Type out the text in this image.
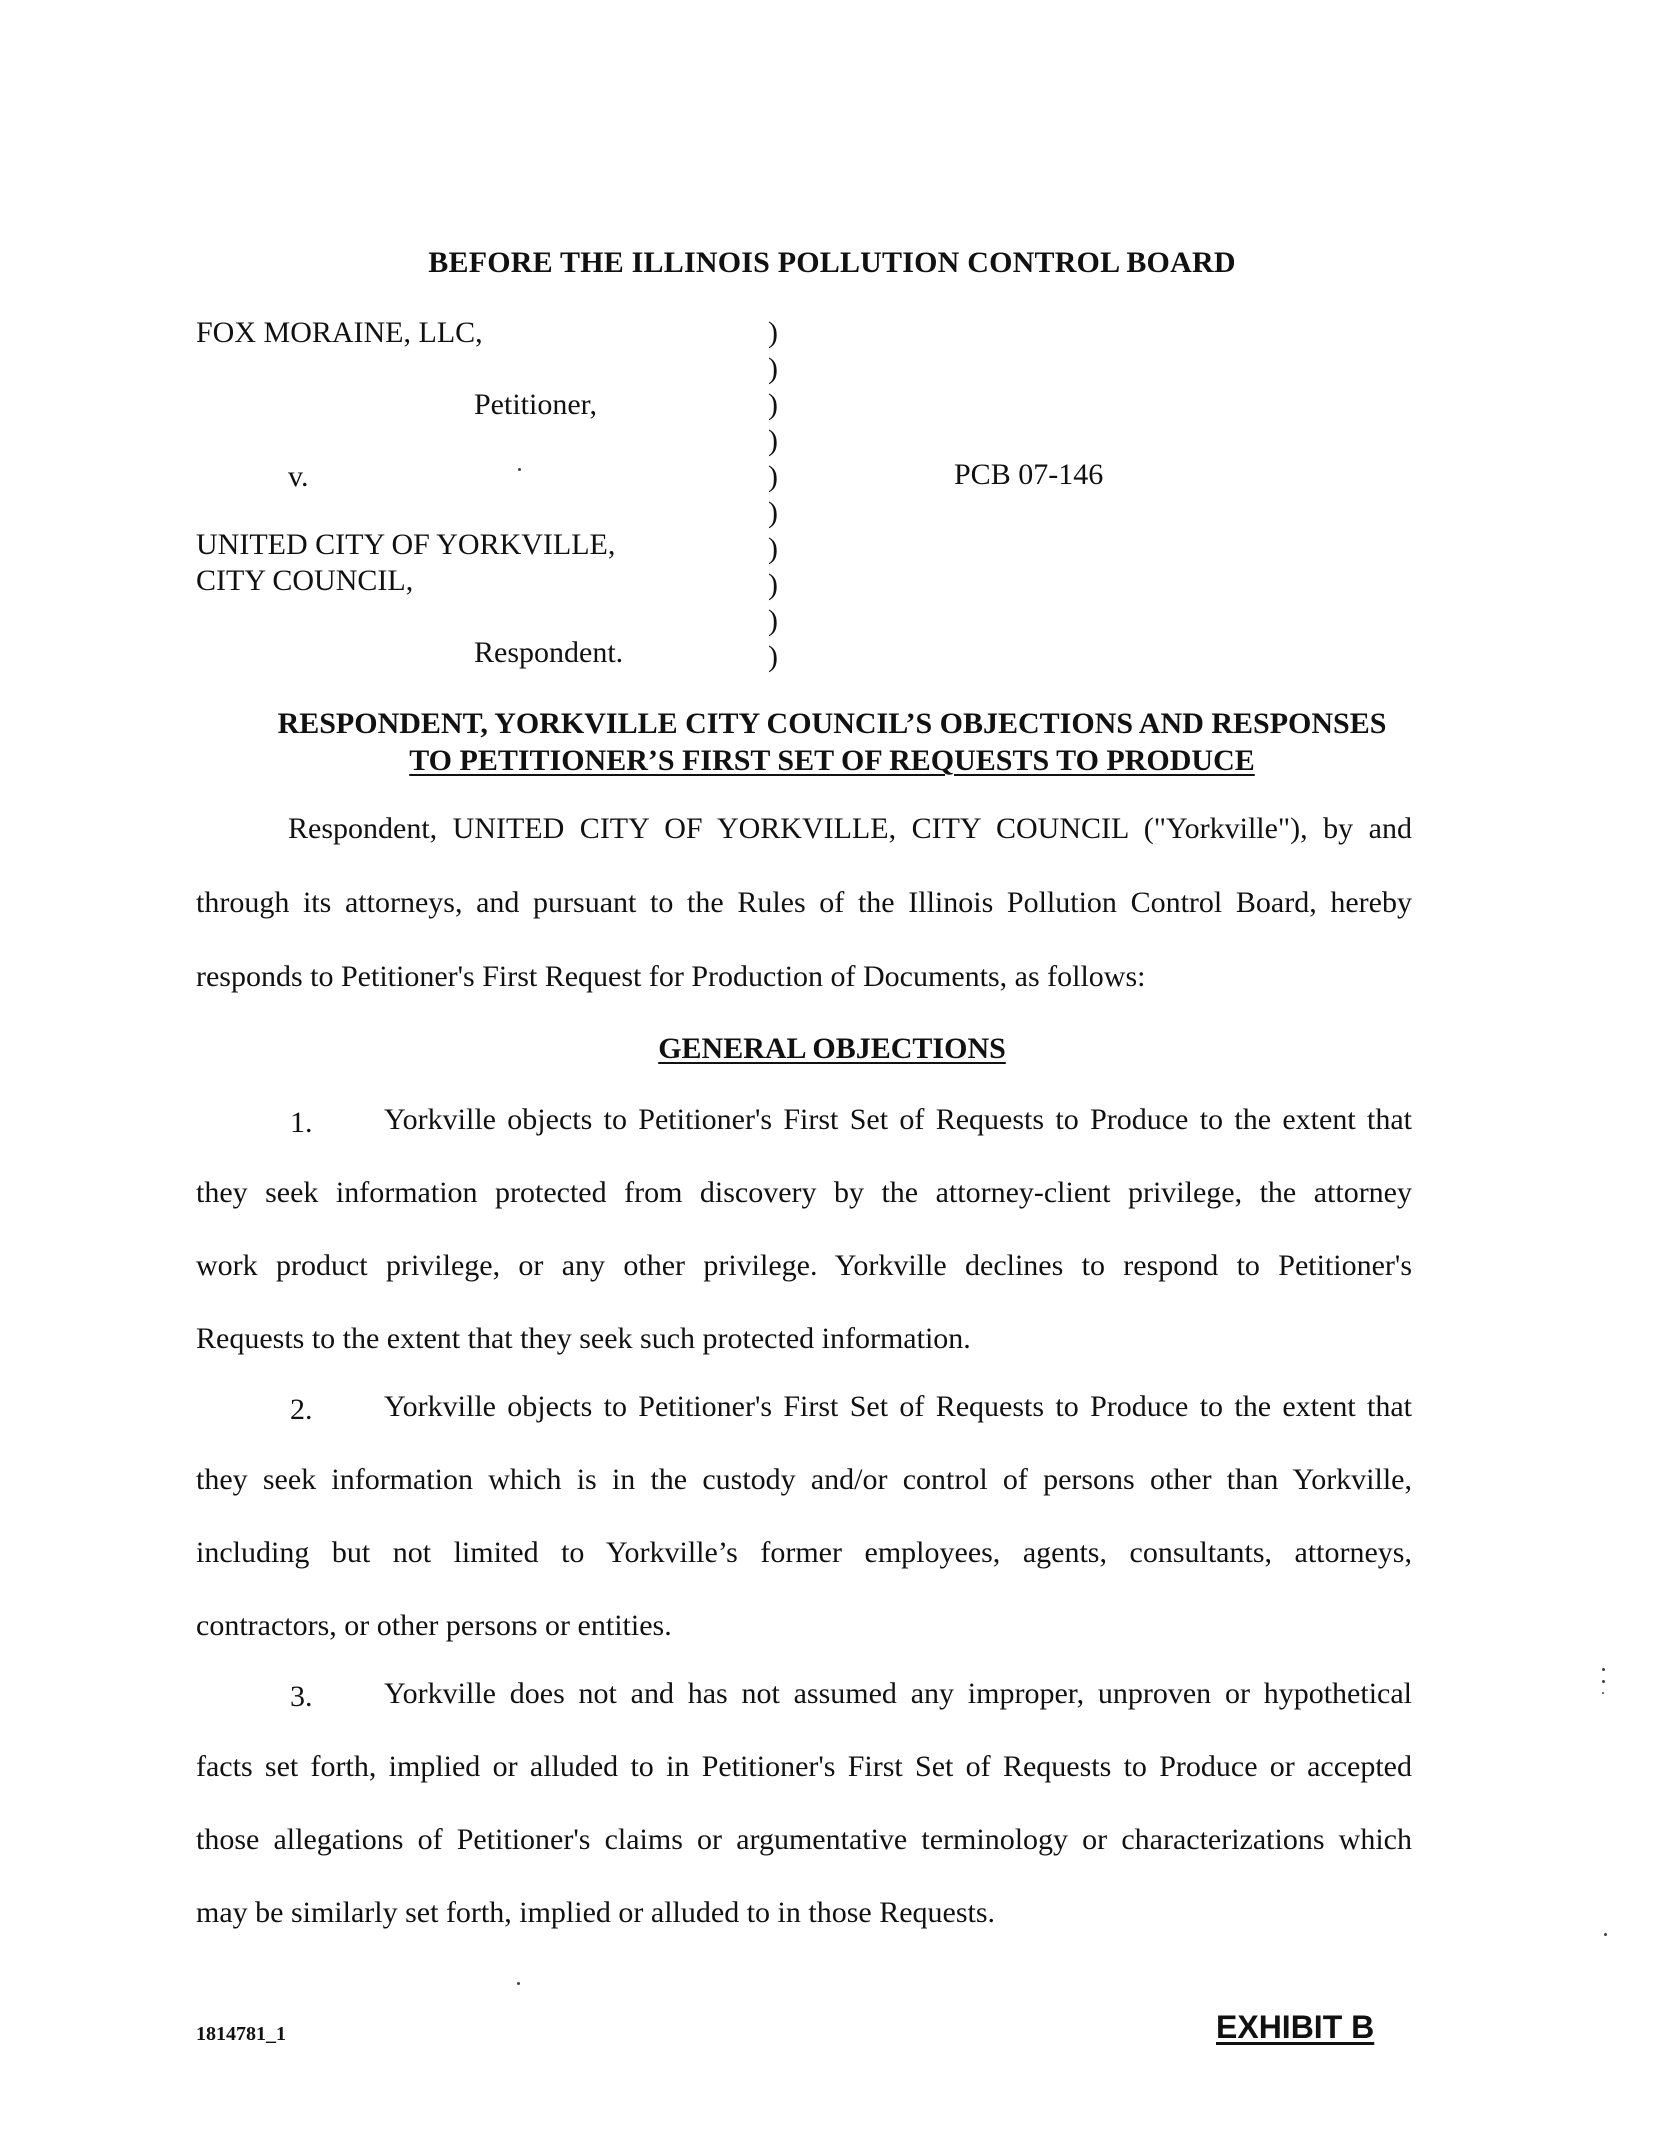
BEFORE THE ILLINOIS POLLUTION CONTROL BOARD
FOX MORAINE, LLC,
Petitioner,
v.
UNITED CITY OF YORKVILLE,
CITY COUNCIL,
Respondent.
)
)
)
)
)
)
)
)
)
)
PCB 07-146
RESPONDENT, YORKVILLE CITY COUNCIL’S OBJECTIONS AND RESPONSES
TO PETITIONER’S FIRST SET OF REQUESTS TO PRODUCE
Respondent, UNITED CITY OF YORKVILLE, CITY COUNCIL ("Yorkville"), by and
through its attorneys, and pursuant to the Rules of the Illinois Pollution Control Board, hereby
responds to Petitioner's First Request for Production of Documents, as follows:
GENERAL OBJECTIONS
1. Yorkville objects to Petitioner's First Set of Requests to Produce to the extent that
they seek information protected from discovery by the attorney-client privilege, the attorney
work product privilege, or any other privilege. Yorkville declines to respond to Petitioner's
Requests to the extent that they seek such protected information.
2. Yorkville objects to Petitioner's First Set of Requests to Produce to the extent that
they seek information which is in the custody and/or control of persons other than Yorkville,
including but not limited to Yorkville’s former employees, agents, consultants, attorneys,
contractors, or other persons or entities.
3. Yorkville does not and has not assumed any improper, unproven or hypothetical
facts set forth, implied or alluded to in Petitioner's First Set of Requests to Produce or accepted
those allegations of Petitioner's claims or argumentative terminology or characterizations which
may be similarly set forth, implied or alluded to in those Requests.
1814781_1	EXHIBIT B
